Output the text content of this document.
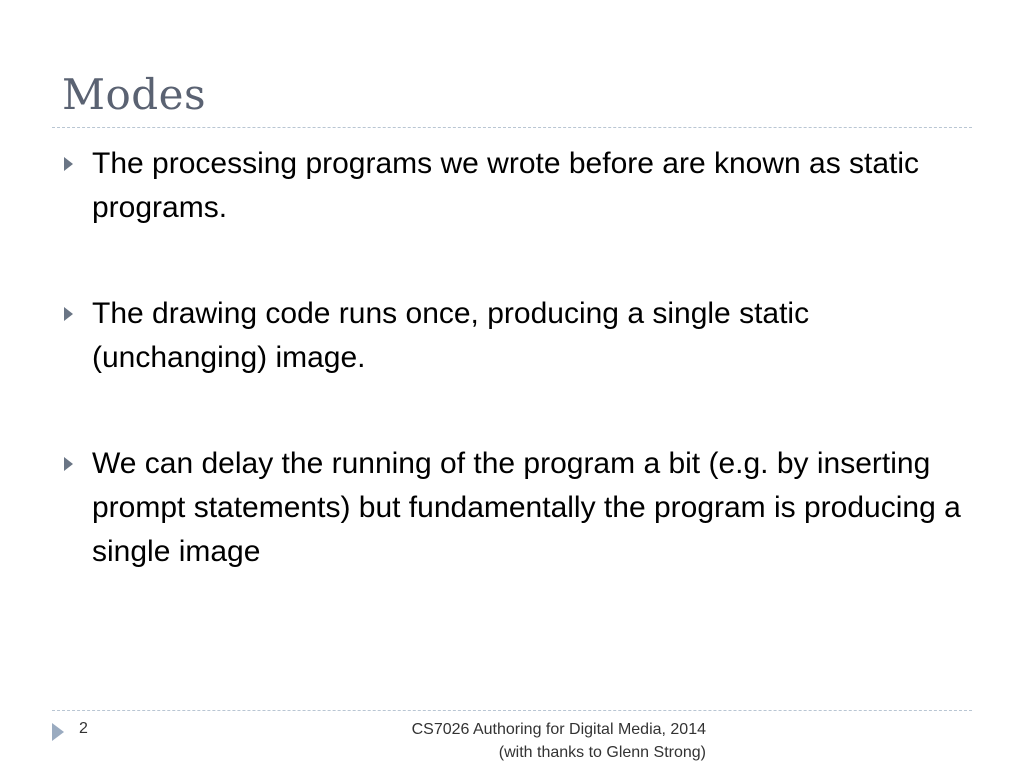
Modes
The processing programs we wrote before are known as static programs.
The drawing code runs once, producing a single static (unchanging) image.
We can delay the running of the program a bit (e.g. by inserting prompt statements) but fundamentally the program is producing a single image
2	CS7026 Authoring for Digital Media, 2014
(with thanks to Glenn Strong)
